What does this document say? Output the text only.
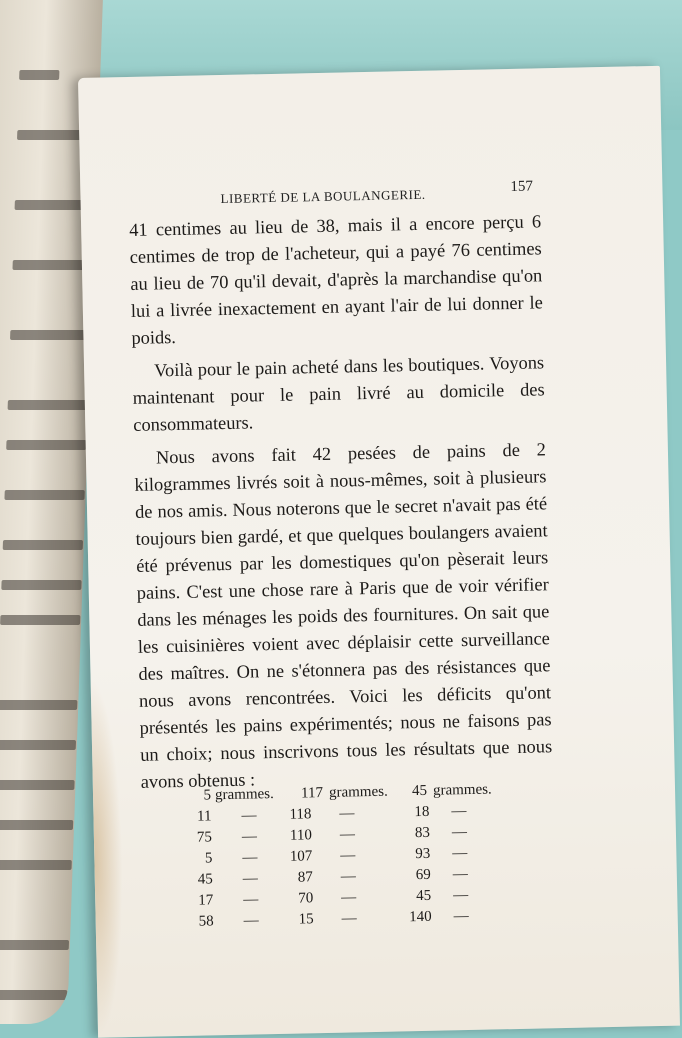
LIBERTÉ DE LA BOULANGERIE.
157

41 centimes au lieu de 38, mais il a encore perçu 6 centimes de trop de l'acheteur, qui a payé 76 centimes au lieu de 70 qu'il devait, d'après la marchandise qu'on lui a livrée inexactement en ayant l'air de lui donner le poids.

Voilà pour le pain acheté dans les boutiques. Voyons maintenant pour le pain livré au domicile des consommateurs.

Nous avons fait 42 pesées de pains de 2 kilogrammes livrés soit à nous-mêmes, soit à plusieurs de nos amis. Nous noterons que le secret n'avait pas été toujours bien gardé, et que quelques boulangers avaient été prévenus par les domestiques qu'on pèserait leurs pains. C'est une chose rare à Paris que de voir vérifier dans les ménages les poids des fournitures. On sait que les cuisinières voient avec déplaisir cette surveillance des maîtres. On ne s'étonnera pas des résistances que nous avons rencontrées. Voici les déficits qu'ont présentés les pains expérimentés; nous ne faisons pas un choix; nous inscrivons tous les résultats que nous avons obtenus :

5 grammes.	117 grammes.	45 grammes.
11 —	118 —	18 —
75 —	110 —	83 —
5 —	107 —	93 —
45 —	87 —	69 —
17 —	70 —	45 —
58 —	15 —	140 —
